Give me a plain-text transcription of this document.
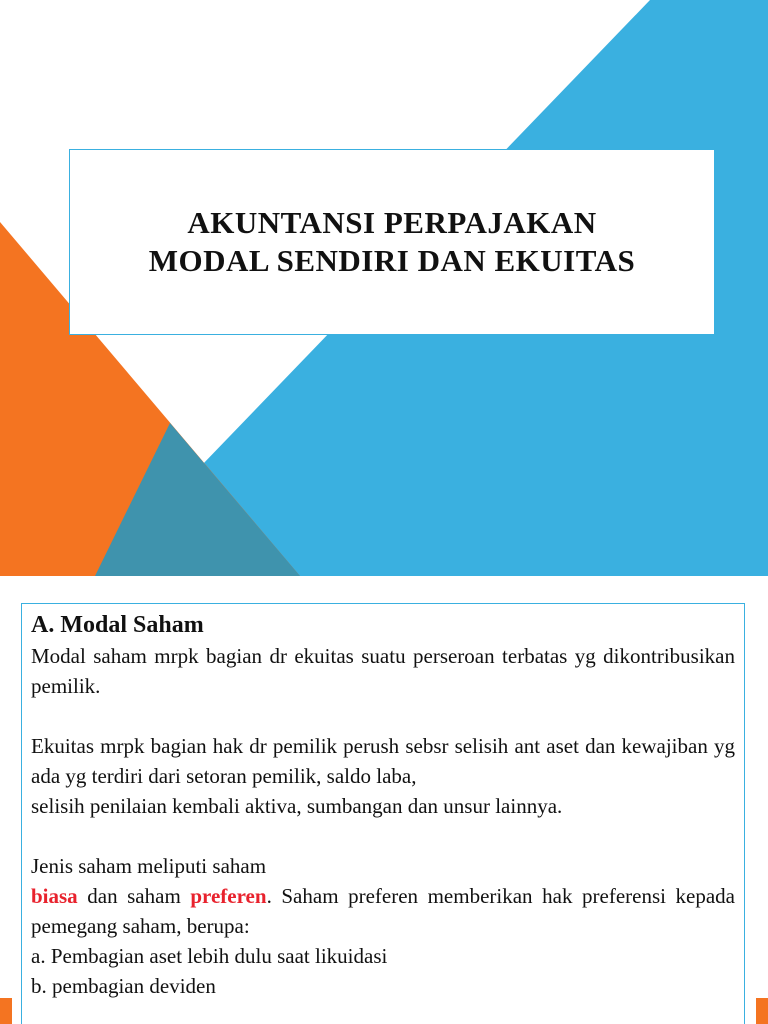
AKUNTANSI PERPAJAKAN
MODAL SENDIRI DAN EKUITAS

A. Modal Saham

Modal saham mrpk bagian dr ekuitas suatu perseroan terbatas yg dikontribusikan pemilik.

Ekuitas mrpk bagian hak dr pemilik perush sebsr selisih ant aset dan kewajiban yg ada yg terdiri dari setoran pemilik, saldo laba,

selisih penilaian kembali aktiva, sumbangan dan unsur lainnya.

Jenis saham meliputi saham

biasa dan saham preferen. Saham preferen memberikan hak preferensi kepada pemegang saham, berupa:

a. Pembagian aset lebih dulu saat likuidasi

b. pembagian deviden
